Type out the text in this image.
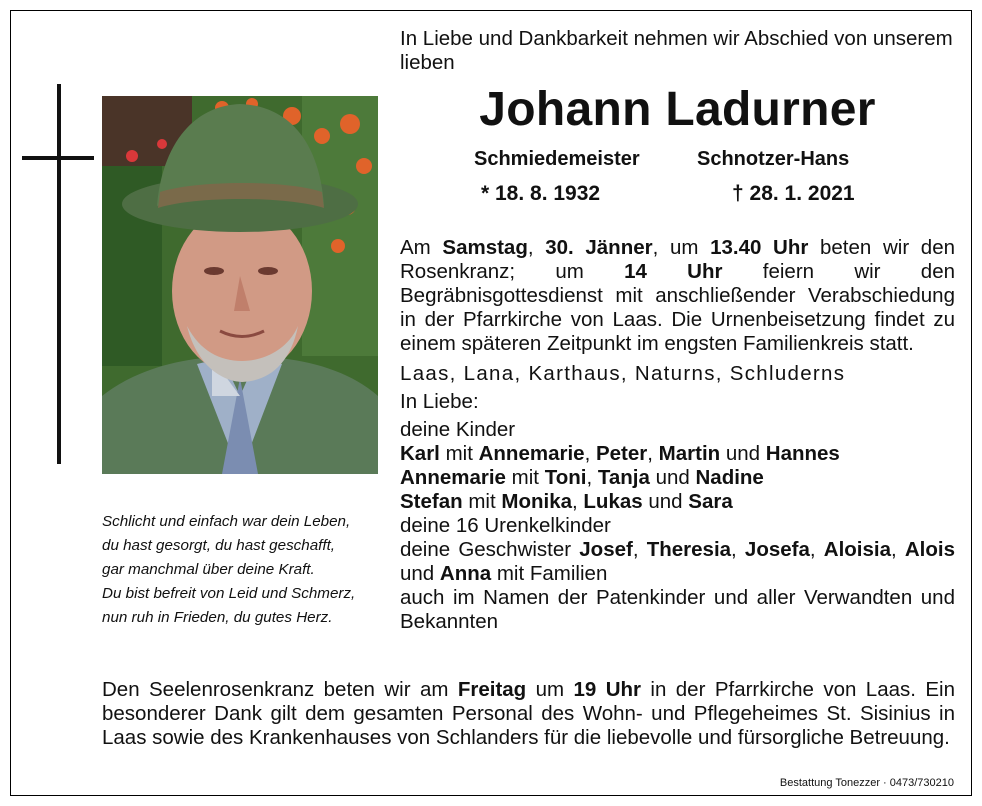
In Liebe und Dankbarkeit nehmen wir Abschied von unserem lieben
Johann Ladurner
Schmiedemeister	Schnotzer-Hans
* 18. 8. 1932	† 28. 1. 2021
Schlicht und einfach war dein Leben,
du hast gesorgt, du hast geschafft,
gar manchmal über deine Kraft.
Du bist befreit von Leid und Schmerz,
nun ruh in Frieden, du gutes Herz.
Am Samstag, 30. Jänner, um 13.40 Uhr beten wir den Rosenkranz; um 14 Uhr feiern wir den Begräbnisgottesdienst mit anschließender Verabschiedung in der Pfarrkirche von Laas. Die Urnenbeisetzung findet zu einem späteren Zeitpunkt im engsten Familienkreis statt.
Laas, Lana, Karthaus, Naturns, Schluderns
In Liebe:
deine Kinder
Karl mit Annemarie, Peter, Martin und Hannes
Annemarie mit Toni, Tanja und Nadine
Stefan mit Monika, Lukas und Sara
deine 16 Urenkelkinder
deine Geschwister Josef, Theresia, Josefa, Aloisia, Alois und Anna mit Familien
auch im Namen der Patenkinder und aller Verwandten und Bekannten
Den Seelenrosenkranz beten wir am Freitag um 19 Uhr in der Pfarrkirche von Laas. Ein besonderer Dank gilt dem gesamten Personal des Wohn- und Pflegeheimes St. Sisinius in Laas sowie des Krankenhauses von Schlanders für die liebevolle und fürsorgliche Betreuung.
Bestattung Tonezzer · 0473/730210
